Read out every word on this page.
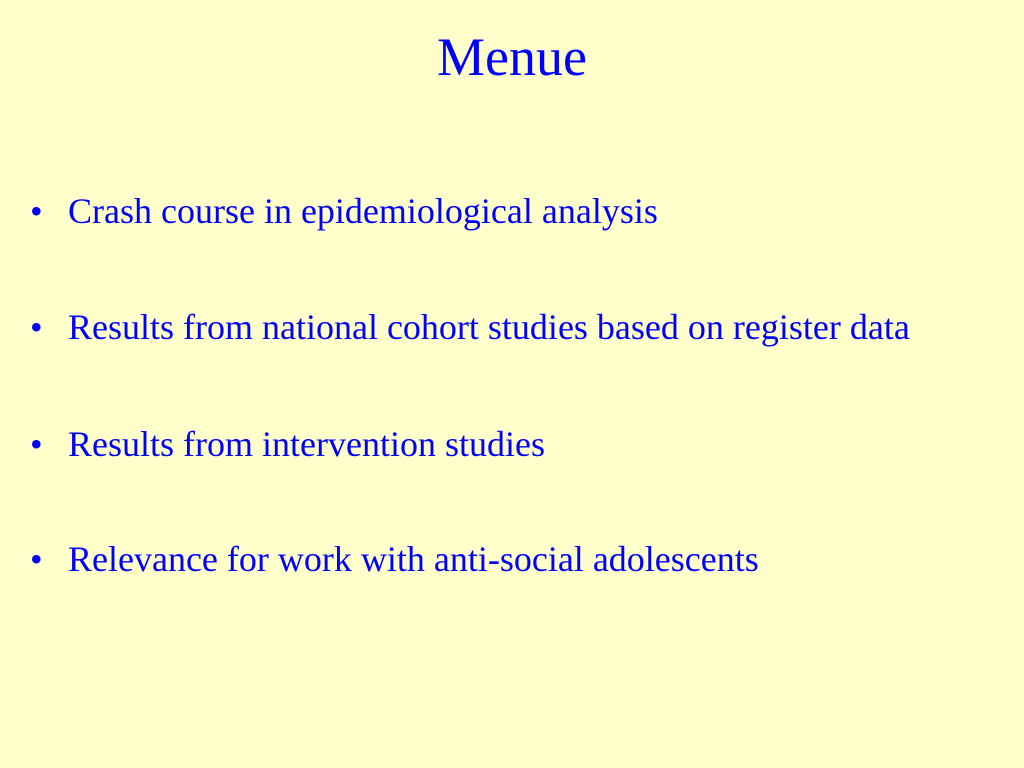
Menue
• Crash course in epidemiological analysis
• Results from national cohort studies based on register data
• Results from intervention studies
• Relevance for work with anti-social adolescents
